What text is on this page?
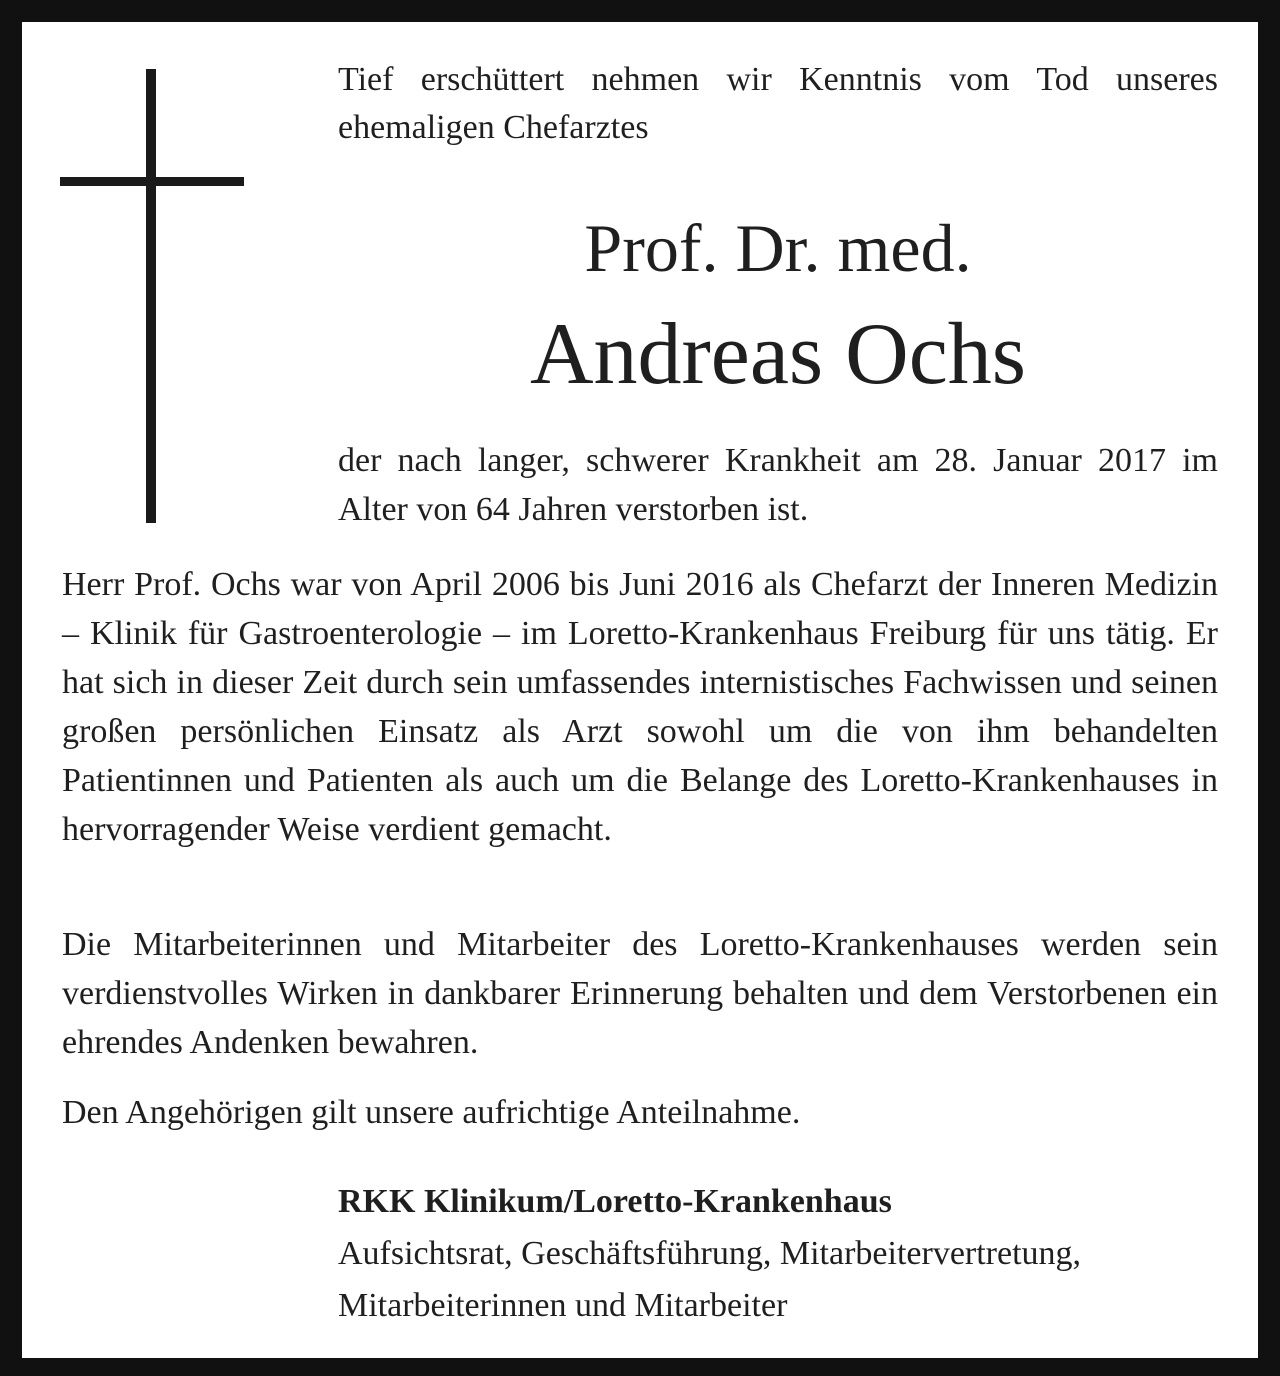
Tief erschüttert nehmen wir Kenntnis vom Tod unseres ehemaligen Chefarztes

Prof. Dr. med.

Andreas Ochs

der nach langer, schwerer Krankheit am 28. Januar 2017 im Alter von 64 Jahren verstorben ist.

Herr Prof. Ochs war von April 2006 bis Juni 2016 als Chefarzt der Inneren Medizin – Klinik für Gastroenterologie – im Loretto-Krankenhaus Freiburg für uns tätig. Er hat sich in dieser Zeit durch sein umfassendes internistisches Fachwissen und seinen großen persönlichen Einsatz als Arzt sowohl um die von ihm behandelten Patientinnen und Patienten als auch um die Belange des Loretto-Krankenhauses in hervorragender Weise verdient gemacht.

Die Mitarbeiterinnen und Mitarbeiter des Loretto-Krankenhauses werden sein verdienstvolles Wirken in dankbarer Erinnerung behalten und dem Verstorbenen ein ehrendes Andenken bewahren.

Den Angehörigen gilt unsere aufrichtige Anteilnahme.

RKK Klinikum/Loretto-Krankenhaus
Aufsichtsrat, Geschäftsführung, Mitarbeitervertretung,
Mitarbeiterinnen und Mitarbeiter
